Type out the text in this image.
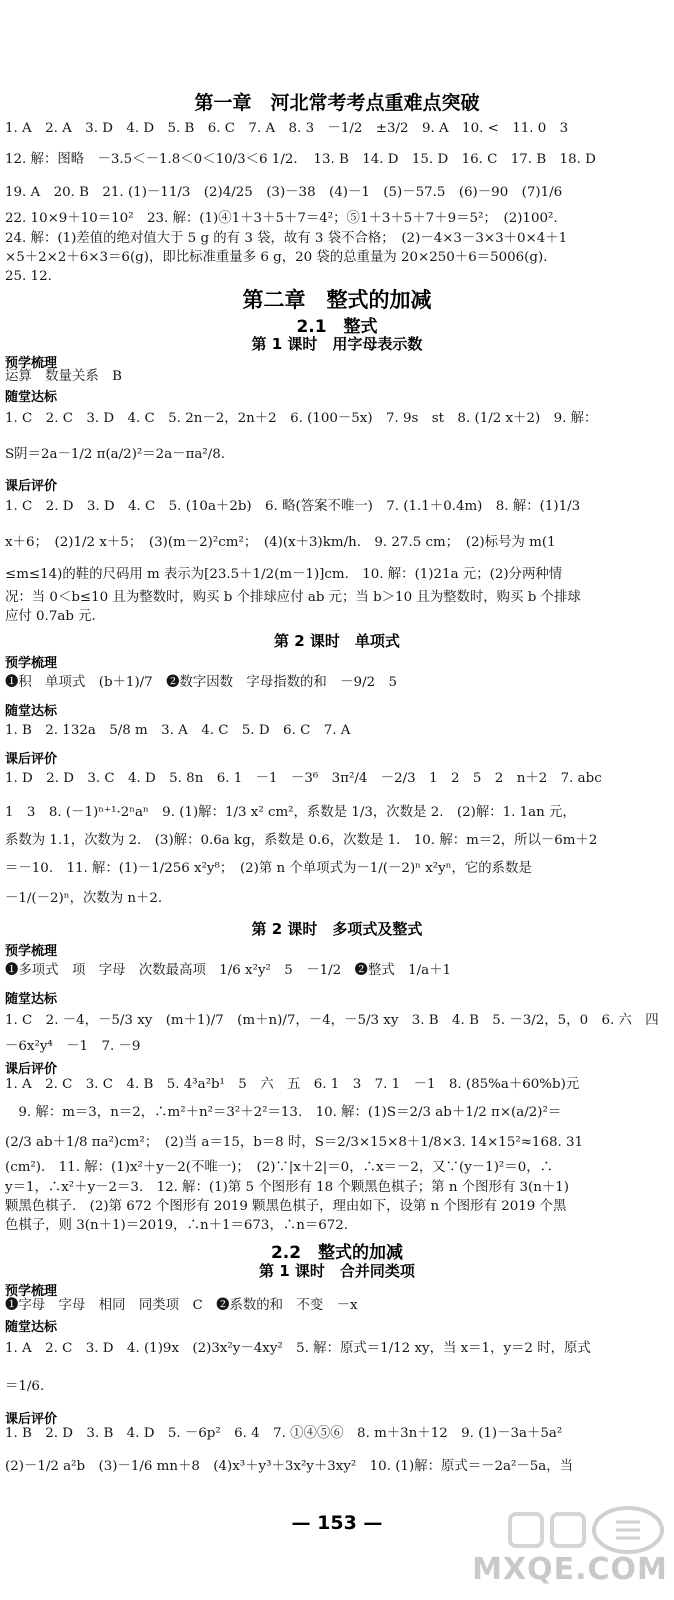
第一章　河北常考考点重难点突破
1. A　2. A　3. D　4. D　5. B　6. C　7. A　8. 3　－1/2　±3/2　9. A　10. <　11. 0　3
12. 解：图略　－3.5＜－1.8＜0＜10/3＜6 1/2．　13. B　14. D　15. D　16. C　17. B　18. D
19. A　20. B　21. (1)－11/3　(2)4/25　(3)－38　(4)－1　(5)－57.5　(6)－90　(7)1/6
22. 10×9＋10＝10²　23. 解：(1)④1＋3＋5＋7＝4²；⑤1＋3＋5＋7＋9＝5²；　(2)100².
24. 解：(1)差值的绝对值大于 5 g 的有 3 袋，故有 3 袋不合格；　(2)－4×3－3×3＋0×4＋1
×5＋2×2＋6×3＝6(g)，即比标准重量多 6 g，20 袋的总重量为 20×250＋6＝5006(g)．
25. 12.
第二章　整式的加减
2.1　整式
第 1 课时　用字母表示数
预学梳理
运算　数量关系　B
随堂达标
1. C　2. C　3. D　4. C　5. 2n－2，2n＋2　6. (100－5x)　7. 9s　st　8. (1/2 x＋2)　9. 解：
S阴＝2a－1/2 π(a/2)²＝2a－πa²/8.
课后评价
1. C　2. D　3. D　4. C　5. (10a＋2b)　6. 略(答案不唯一)　7. (1.1＋0.4m)　8. 解：(1)1/3
x＋6；　(2)1/2 x＋5；　(3)(m－2)²cm²；　(4)(x＋3)km/h.　9. 27.5 cm；　(2)标号为 m(1
≤m≤14)的鞋的尺码用 m 表示为[23.5＋1/2(m－1)]cm.　10. 解：(1)21a 元；(2)分两种情
况：当 0＜b≤10 且为整数时，购买 b 个排球应付 ab 元；当 b＞10 且为整数时，购买 b 个排球
应付 0.7ab 元.
第 2 课时　单项式
预学梳理
❶积　单项式　(b＋1)/7　❷数字因数　字母指数的和　－9/2　5
随堂达标
1. B　2. 132a　5/8 m　3. A　4. C　5. D　6. C　7. A
课后评价
1. D　2. D　3. C　4. D　5. 8n　6. 1　－1　－3⁶　3π²/4　－2/3　1　2　5　2　n＋2　7. abc
1　3　8. (－1)ⁿ⁺¹·2ⁿaⁿ　9. (1)解：1/3 x² cm²，系数是 1/3，次数是 2.　(2)解：1. 1an 元，
系数为 1.1，次数为 2.　(3)解：0.6a kg，系数是 0.6，次数是 1.　10. 解：m＝2，所以－6m＋2
＝－10.　11. 解：(1)－1/256 x²y⁸；　(2)第 n 个单项式为－1/(－2)ⁿ x²yⁿ，它的系数是
－1/(－2)ⁿ，次数为 n＋2.
第 2 课时　多项式及整式
预学梳理
❶多项式　项　字母　次数最高项　1/6 x²y²　5　－1/2　❷整式　1/a＋1
随堂达标
1. C　2. －4，－5/3 xy　(m＋1)/7　(m＋n)/7，－4，－5/3 xy　3. B　4. B　5. －3/2，5，0　6. 六　四
－6x²y⁴　－1　7. －9
课后评价
1. A　2. C　3. C　4. B　5. 4³a²b¹　5　六　五　6. 1　3　7. 1　－1　8. (85%a＋60%b)元
　9. 解：m＝3，n＝2，∴m²＋n²＝3²＋2²＝13.　10. 解：(1)S＝2/3 ab＋1/2 π×(a/2)²＝
(2/3 ab＋1/8 πa²)cm²；　(2)当 a＝15，b＝8 时，S＝2/3×15×8＋1/8×3. 14×15²≈168. 31
(cm²).　11. 解：(1)x²＋y－2(不唯一)；　(2)∵|x＋2|＝0，∴x＝－2，又∵(y－1)²＝0，∴
y＝1，∴x²＋y－2＝3.　12. 解：(1)第 5 个图形有 18 个颗黑色棋子；第 n 个图形有 3(n＋1)
颗黑色棋子.　(2)第 672 个图形有 2019 颗黑色棋子，理由如下，设第 n 个图形有 2019 个黑
色棋子，则 3(n＋1)＝2019，∴n＋1＝673，∴n＝672.
2.2　整式的加减
第 1 课时　合并同类项
预学梳理
❶字母　字母　相同　同类项　C　❷系数的和　不变　－x
随堂达标
1. A　2. C　3. D　4. (1)9x　(2)3x²y－4xy²　5. 解：原式＝1/12 xy，当 x＝1，y＝2 时，原式
＝1/6.
课后评价
1. B　2. D　3. B　4. D　5. －6p²　6. 4　7. ①④⑤⑥　8. m＋3n＋12　9. (1)－3a＋5a²
(2)－1/2 a²b　(3)－1/6 mn＋8　(4)x³＋y³＋3x²y＋3xy²　10. (1)解：原式＝－2a²－5a，当
— 153 —
MXQE.COM
